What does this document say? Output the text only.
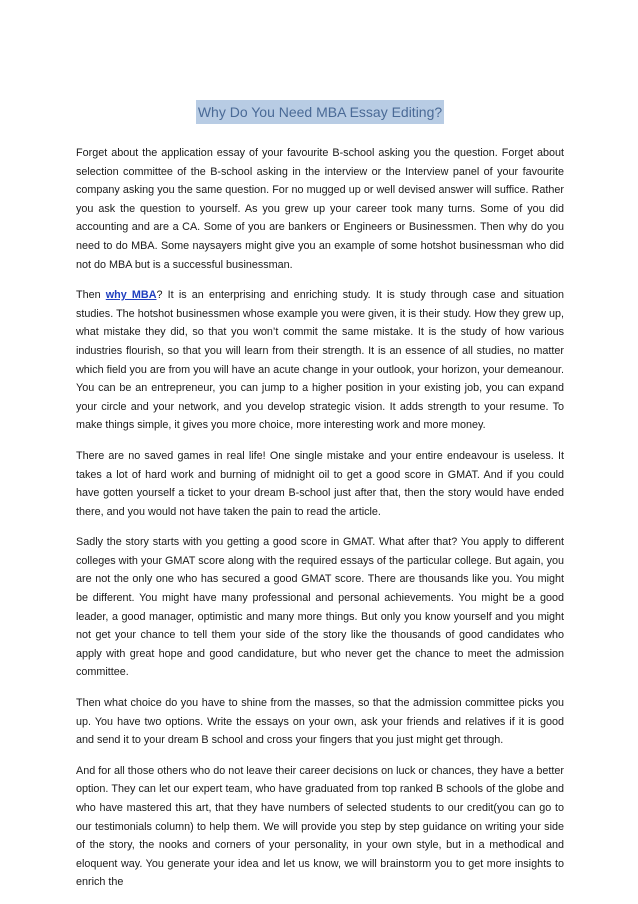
Why Do You Need MBA Essay Editing?

Forget about the application essay of your favourite B-school asking you the question. Forget about selection committee of the B-school asking in the interview or the Interview panel of your favourite company asking you the same question. For no mugged up or well devised answer will suffice. Rather you ask the question to yourself. As you grew up your career took many turns. Some of you did accounting and are a CA. Some of you are bankers or Engineers or Businessmen. Then why do you need to do MBA. Some naysayers might give you an example of some hotshot businessman who did not do MBA but is a successful businessman.

Then why MBA? It is an enterprising and enriching study. It is study through case and situation studies. The hotshot businessmen whose example you were given, it is their study. How they grew up, what mistake they did, so that you won’t commit the same mistake. It is the study of how various industries flourish, so that you will learn from their strength. It is an essence of all studies, no matter which field you are from you will have an acute change in your outlook, your horizon, your demeanour. You can be an entrepreneur, you can jump to a higher position in your existing job, you can expand your circle and your network, and you develop strategic vision. It adds strength to your resume. To make things simple, it gives you more choice, more interesting work and more money.

There are no saved games in real life! One single mistake and your entire endeavour is useless. It takes a lot of hard work and burning of midnight oil to get a good score in GMAT. And if you could have gotten yourself a ticket to your dream B-school just after that, then the story would have ended there, and you would not have taken the pain to read the article.

Sadly the story starts with you getting a good score in GMAT. What after that? You apply to different colleges with your GMAT score along with the required essays of the particular college. But again, you are not the only one who has secured a good GMAT score. There are thousands like you. You might be different. You might have many professional and personal achievements. You might be a good leader, a good manager, optimistic and many more things. But only you know yourself and you might not get your chance to tell them your side of the story like the thousands of good candidates who apply with great hope and good candidature, but who never get the chance to meet the admission committee.

Then what choice do you have to shine from the masses, so that the admission committee picks you up. You have two options. Write the essays on your own, ask your friends and relatives if it is good and send it to your dream B school and cross your fingers that you just might get through.

And for all those others who do not leave their career decisions on luck or chances, they have a better option. They can let our expert team, who have graduated from top ranked B schools of the globe and who have mastered this art, that they have numbers of selected students to our credit(you can go to our testimonials column) to help them. We will provide you step by step guidance on writing your side of the story, the nooks and corners of your personality, in your own style, but in a methodical and eloquent way. You generate your idea and let us know, we will brainstorm you to get more insights to enrich the
